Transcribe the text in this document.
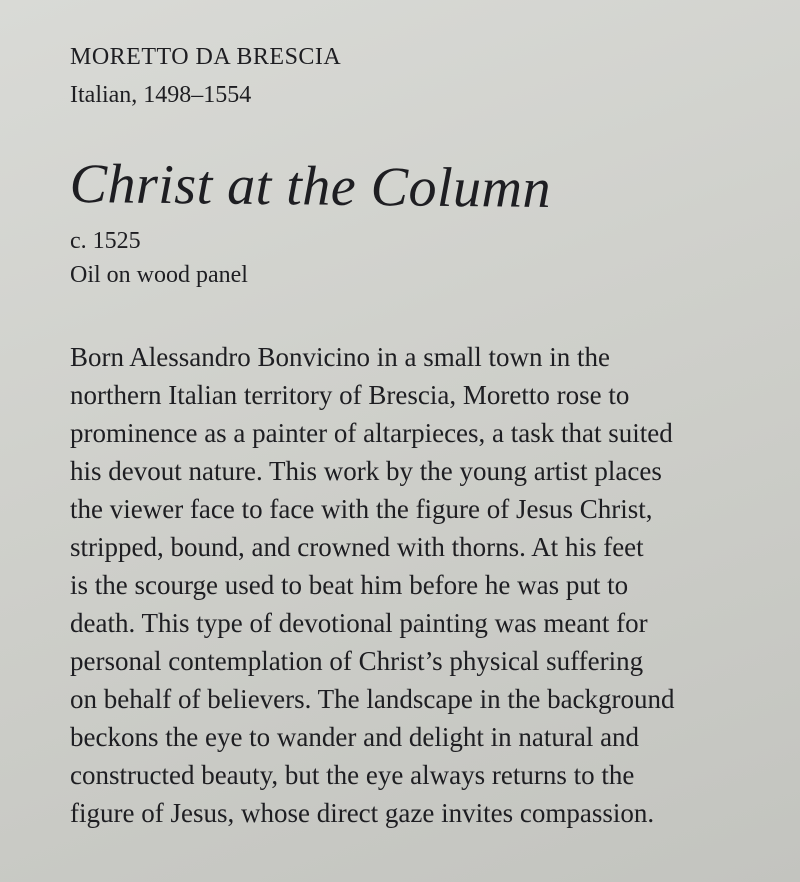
MORETTO DA BRESCIA
Italian, 1498–1554
Christ at the Column
c. 1525
Oil on wood panel
Born Alessandro Bonvicino in a small town in the
northern Italian territory of Brescia, Moretto rose to
prominence as a painter of altarpieces, a task that suited
his devout nature. This work by the young artist places
the viewer face to face with the figure of Jesus Christ,
stripped, bound, and crowned with thorns. At his feet
is the scourge used to beat him before he was put to
death. This type of devotional painting was meant for
personal contemplation of Christ’s physical suffering
on behalf of believers. The landscape in the background
beckons the eye to wander and delight in natural and
constructed beauty, but the eye always returns to the
figure of Jesus, whose direct gaze invites compassion.
